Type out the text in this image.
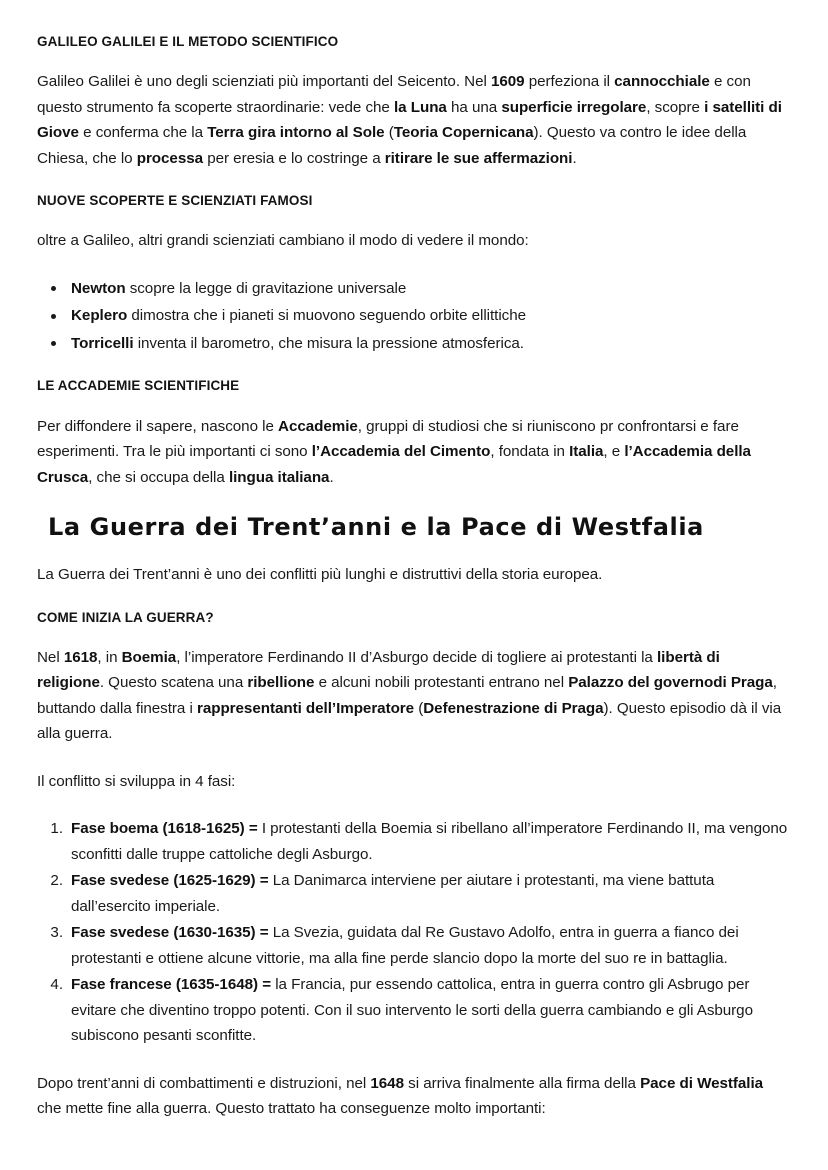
GALILEO GALILEI E IL METODO SCIENTIFICO

Galileo Galilei è uno degli scienziati più importanti del Seicento. Nel 1609 perfeziona il cannocchiale e con questo strumento fa scoperte straordinarie: vede che la Luna ha una superficie irregolare, scopre i satelliti di Giove e conferma che la Terra gira intorno al Sole (Teoria Copernicana). Questo va contro le idee della Chiesa, che lo processa per eresia e lo costringe a ritirare le sue affermazioni.

NUOVE SCOPERTE E SCIENZIATI FAMOSI

oltre a Galileo, altri grandi scienziati cambiano il modo di vedere il mondo:

Newton scopre la legge di gravitazione universale
Keplero dimostra che i pianeti si muovono seguendo orbite ellittiche
Torricelli inventa il barometro, che misura la pressione atmosferica.
LE ACCADEMIE SCIENTIFICHE

Per diffondere il sapere, nascono le Accademie, gruppi di studiosi che si riuniscono pr confrontarsi e fare esperimenti. Tra le più importanti ci sono l’Accademia del Cimento, fondata in Italia, e l’Accademia della Crusca, che si occupa della lingua italiana.

La Guerra dei Trent’anni e la Pace di Westfalia

La Guerra dei Trent’anni è uno dei conflitti più lunghi e distruttivi della storia europea.

COME INIZIA LA GUERRA?

Nel 1618, in Boemia, l’imperatore Ferdinando II d’Asburgo decide di togliere ai protestanti la libertà di religione. Questo scatena una ribellione e alcuni nobili protestanti entrano nel Palazzo del governodi Praga, buttando dalla finestra i rappresentanti dell’Imperatore (Defenestrazione di Praga). Questo episodio dà il via alla guerra.

Il conflitto si sviluppa in 4 fasi:

1. Fase boema (1618-1625) = I protestanti della Boemia si ribellano all’imperatore Ferdinando II, ma vengono sconfitti dalle truppe cattoliche degli Asburgo.
2. Fase svedese (1625-1629) = La Danimarca interviene per aiutare i protestanti, ma viene battuta dall’esercito imperiale.
3. Fase svedese (1630-1635) = La Svezia, guidata dal Re Gustavo Adolfo, entra in guerra a fianco dei protestanti e ottiene alcune vittorie, ma alla fine perde slancio dopo la morte del suo re in battaglia.
4. Fase francese (1635-1648) = la Francia, pur essendo cattolica, entra in guerra contro gli Asbrugo per evitare che diventino troppo potenti. Con il suo intervento le sorti della guerra cambiando e gli Asburgo subiscono pesanti sconfitte.

Dopo trent’anni di combattimenti e distruzioni, nel 1648 si arriva finalmente alla firma della Pace di Westfalia che mette fine alla guerra. Questo trattato ha conseguenze molto importanti:
